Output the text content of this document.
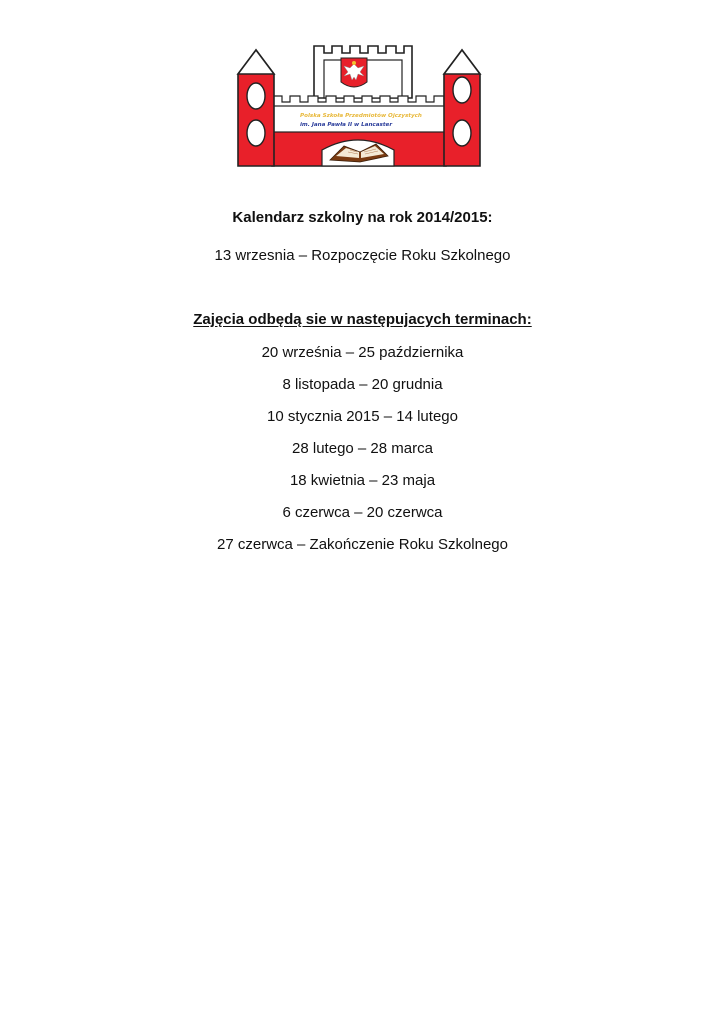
Polska Szkoła Przedmiotów Ojczystych
im. Jana Pawła II w Lancaster
Kalendarz szkolny na rok 2014/2015:
13 wrzesnia – Rozpoczęcie Roku Szkolnego
Zajęcia odbędą sie w następujacych terminach:
20 września – 25 października
8 listopada – 20 grudnia
10 stycznia 2015 – 14 lutego
28 lutego – 28 marca
18 kwietnia – 23 maja
6 czerwca – 20 czerwca
27 czerwca – Zakończenie Roku Szkolnego
